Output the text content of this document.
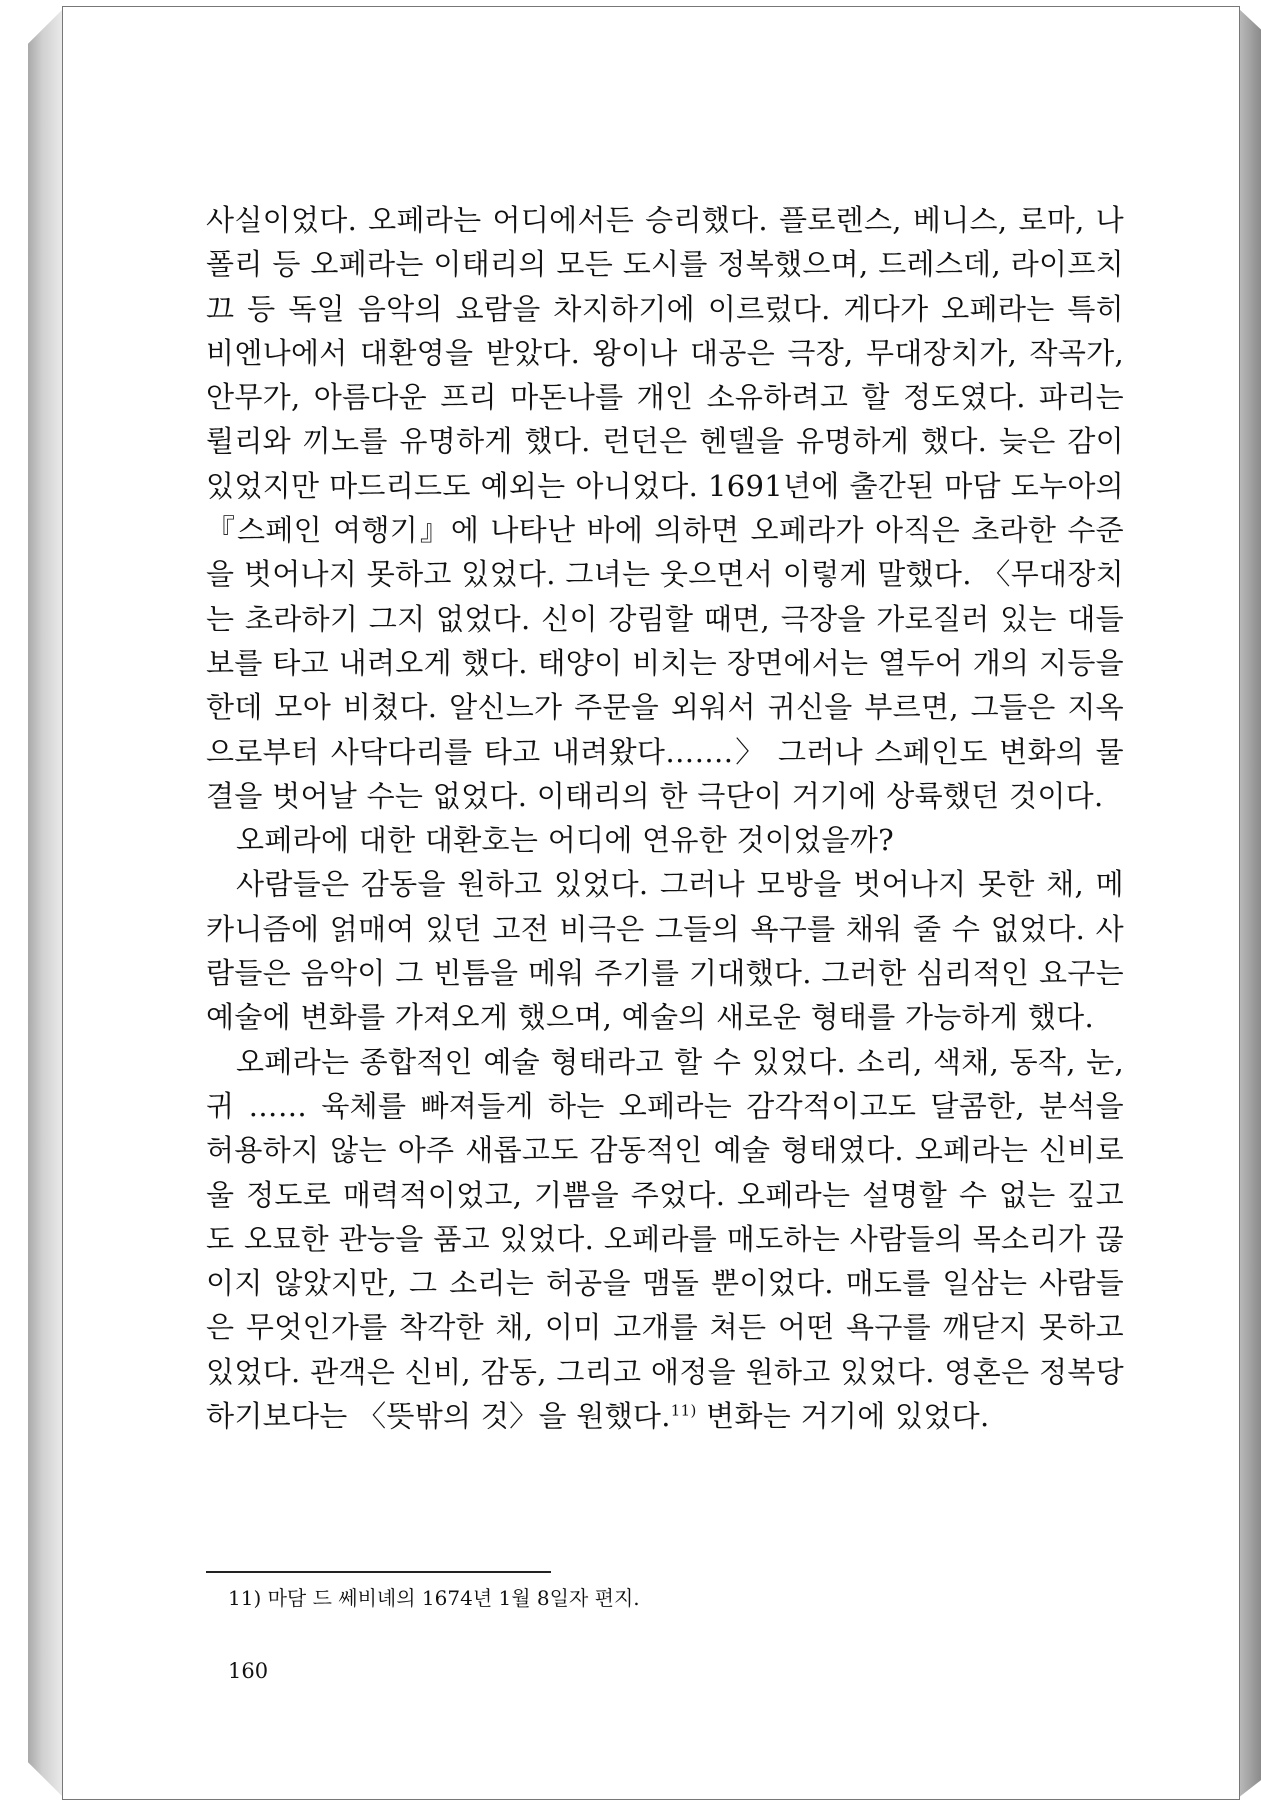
사실이었다. 오페라는 어디에서든 승리했다. 플로렌스, 베니스, 로마, 나폴리 등 오페라는 이태리의 모든 도시를 정복했으며, 드레스데, 라이프치끄 등 독일 음악의 요람을 차지하기에 이르렀다. 게다가 오페라는 특히 비엔나에서 대환영을 받았다. 왕이나 대공은 극장, 무대장치가, 작곡가, 안무가, 아름다운 프리 마돈나를 개인 소유하려고 할 정도였다. 파리는 륄리와 끼노를 유명하게 했다. 런던은 헨델을 유명하게 했다. 늦은 감이 있었지만 마드리드도 예외는 아니었다. 1691년에 출간된 마담 도누아의 『스페인 여행기』에 나타난 바에 의하면 오페라가 아직은 초라한 수준을 벗어나지 못하고 있었다. 그녀는 웃으면서 이렇게 말했다. 〈무대장치는 초라하기 그지 없었다. 신이 강림할 때면, 극장을 가로질러 있는 대들보를 타고 내려오게 했다. 태양이 비치는 장면에서는 열두어 개의 지등을 한데 모아 비쳤다. 알신느가 주문을 외워서 귀신을 부르면, 그들은 지옥으로부터 사닥다리를 타고 내려왔다…….〉 그러나 스페인도 변화의 물결을 벗어날 수는 없었다. 이태리의 한 극단이 거기에 상륙했던 것이다.

오페라에 대한 대환호는 어디에 연유한 것이었을까?

사람들은 감동을 원하고 있었다. 그러나 모방을 벗어나지 못한 채, 메카니즘에 얽매여 있던 고전 비극은 그들의 욕구를 채워 줄 수 없었다. 사람들은 음악이 그 빈틈을 메워 주기를 기대했다. 그러한 심리적인 요구는 예술에 변화를 가져오게 했으며, 예술의 새로운 형태를 가능하게 했다.

오페라는 종합적인 예술 형태라고 할 수 있었다. 소리, 색채, 동작, 눈, 귀 …… 육체를 빠져들게 하는 오페라는 감각적이고도 달콤한, 분석을 허용하지 않는 아주 새롭고도 감동적인 예술 형태였다. 오페라는 신비로울 정도로 매력적이었고, 기쁨을 주었다. 오페라는 설명할 수 없는 깊고도 오묘한 관능을 품고 있었다. 오페라를 매도하는 사람들의 목소리가 끊이지 않았지만, 그 소리는 허공을 맴돌 뿐이었다. 매도를 일삼는 사람들은 무엇인가를 착각한 채, 이미 고개를 쳐든 어떤 욕구를 깨닫지 못하고 있었다. 관객은 신비, 감동, 그리고 애정을 원하고 있었다. 영혼은 정복당하기보다는 〈뜻밖의 것〉을 원했다.$^{11)}$ 변화는 거기에 있었다.

11) 마담 드 쎄비녜의 1674년 1월 8일자 편지.
160
